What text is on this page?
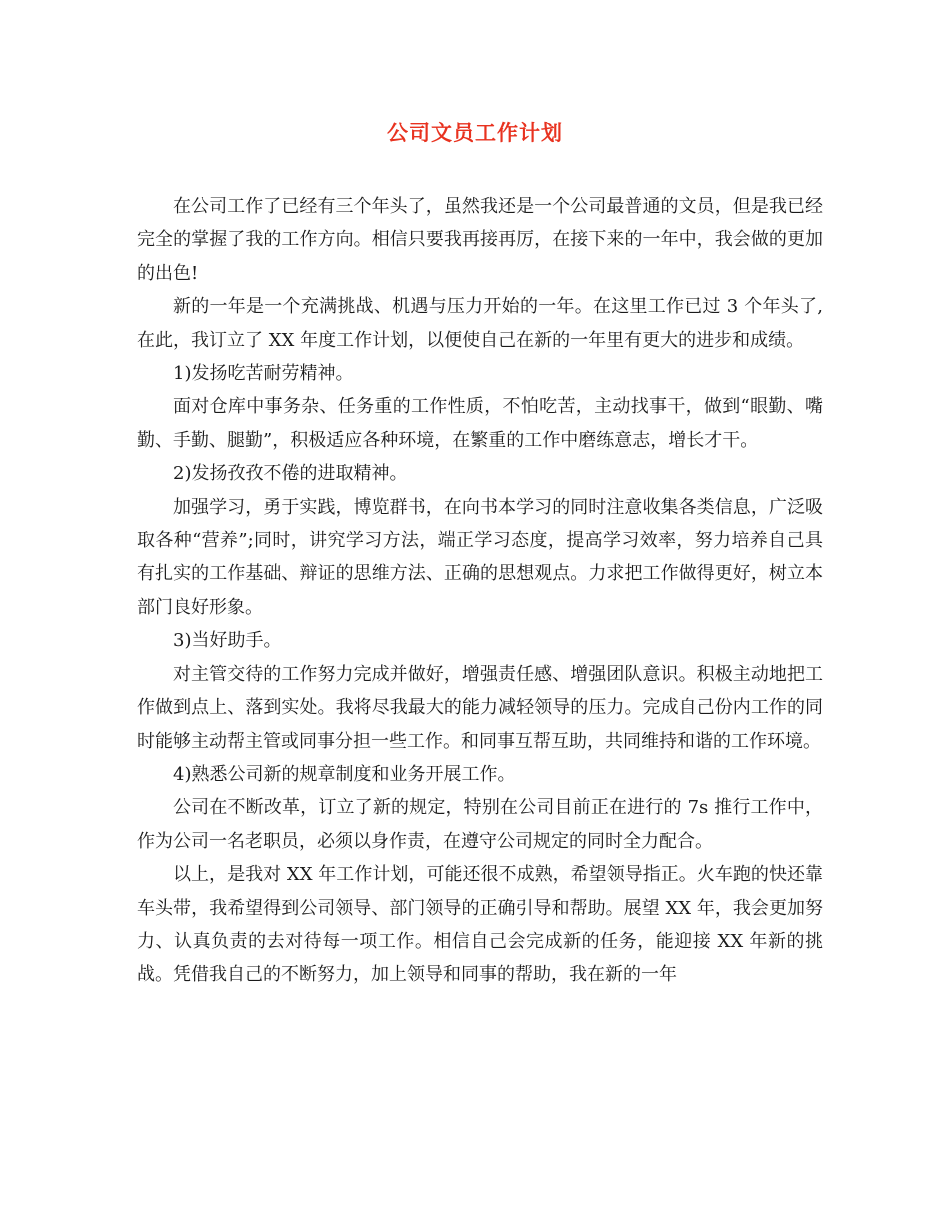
公司文员工作计划

在公司工作了已经有三个年头了，虽然我还是一个公司最普通的文员，但是我已经完全的掌握了我的工作方向。相信只要我再接再厉，在接下来的一年中，我会做的更加的出色!

新的一年是一个充满挑战、机遇与压力开始的一年。在这里工作已过 3 个年头了,在此，我订立了 XX 年度工作计划，以便使自己在新的一年里有更大的进步和成绩。

1)发扬吃苦耐劳精神。

面对仓库中事务杂、任务重的工作性质，不怕吃苦，主动找事干，做到“眼勤、嘴勤、手勤、腿勤”，积极适应各种环境，在繁重的工作中磨练意志，增长才干。

2)发扬孜孜不倦的进取精神。

加强学习，勇于实践，博览群书，在向书本学习的同时注意收集各类信息，广泛吸取各种“营养”;同时，讲究学习方法，端正学习态度，提高学习效率，努力培养自己具有扎实的工作基础、辩证的思维方法、正确的思想观点。力求把工作做得更好，树立本部门良好形象。

3)当好助手。

对主管交待的工作努力完成并做好，增强责任感、增强团队意识。积极主动地把工作做到点上、落到实处。我将尽我最大的能力减轻领导的压力。完成自己份内工作的同时能够主动帮主管或同事分担一些工作。和同事互帮互助，共同维持和谐的工作环境。

4)熟悉公司新的规章制度和业务开展工作。

公司在不断改革，订立了新的规定，特别在公司目前正在进行的 7s 推行工作中，作为公司一名老职员，必须以身作责，在遵守公司规定的同时全力配合。

以上，是我对 XX 年工作计划，可能还很不成熟，希望领导指正。火车跑的快还靠车头带，我希望得到公司领导、部门领导的正确引导和帮助。展望 XX 年，我会更加努力、认真负责的去对待每一项工作。相信自己会完成新的任务，能迎接 XX 年新的挑战。凭借我自己的不断努力，加上领导和同事的帮助，我在新的一年
